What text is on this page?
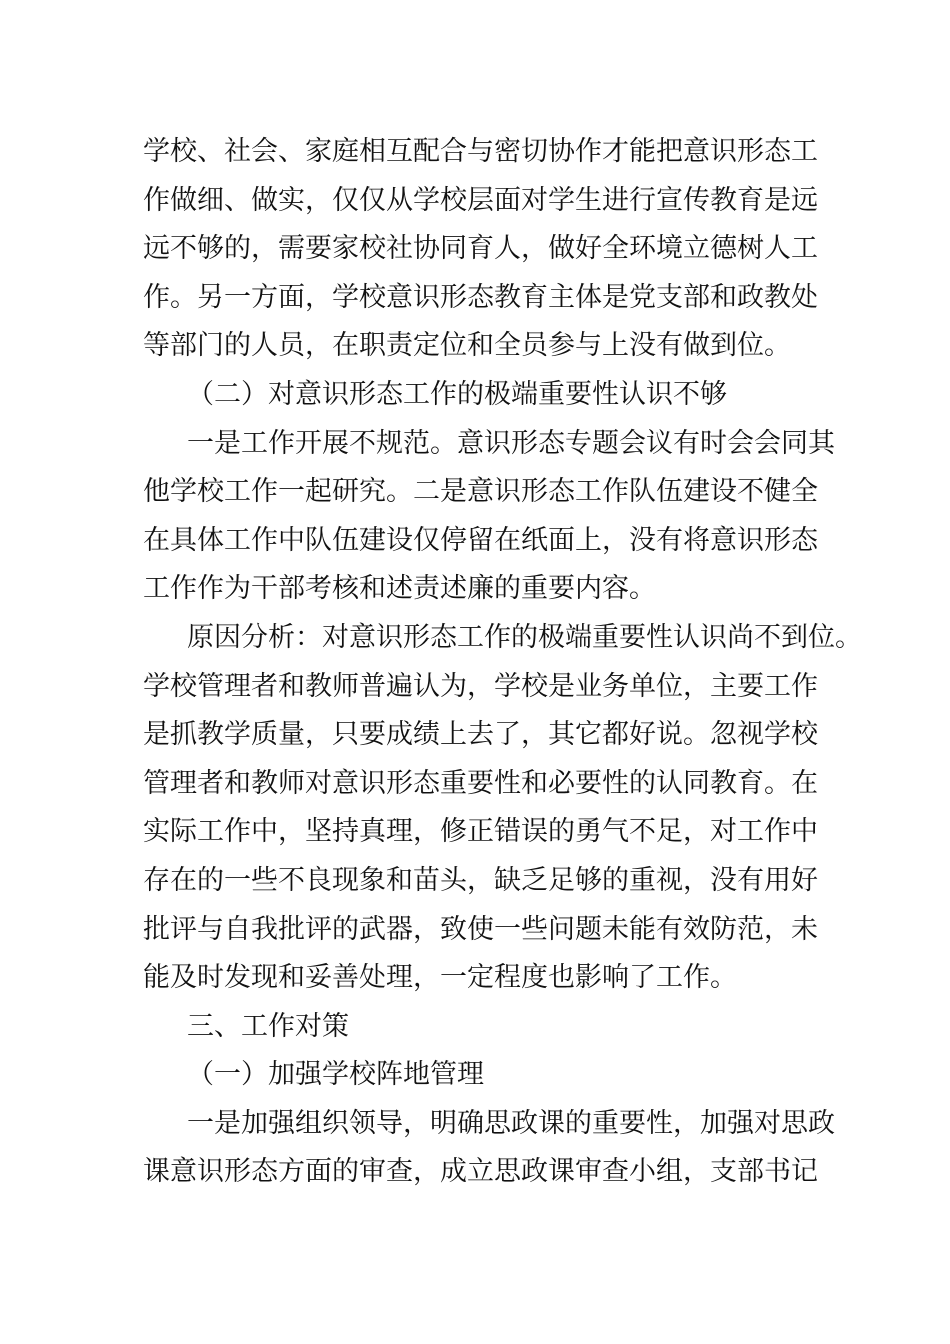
学校、社会、家庭相互配合与密切协作才能把意识形态工
作做细、做实，仅仅从学校层面对学生进行宣传教育是远
远不够的，需要家校社协同育人，做好全环境立德树人工
作。另一方面，学校意识形态教育主体是党支部和政教处
等部门的人员，在职责定位和全员参与上没有做到位。
（二）对意识形态工作的极端重要性认识不够
一是工作开展不规范。意识形态专题会议有时会会同其
他学校工作一起研究。二是意识形态工作队伍建设不健全
在具体工作中队伍建设仅停留在纸面上，没有将意识形态
工作作为干部考核和述责述廉的重要内容。
原因分析：对意识形态工作的极端重要性认识尚不到位。
学校管理者和教师普遍认为，学校是业务单位，主要工作
是抓教学质量，只要成绩上去了，其它都好说。忽视学校
管理者和教师对意识形态重要性和必要性的认同教育。在
实际工作中，坚持真理，修正错误的勇气不足，对工作中
存在的一些不良现象和苗头，缺乏足够的重视，没有用好
批评与自我批评的武器，致使一些问题未能有效防范，未
能及时发现和妥善处理，一定程度也影响了工作。
三、工作对策
（一）加强学校阵地管理
一是加强组织领导，明确思政课的重要性，加强对思政
课意识形态方面的审查，成立思政课审查小组，支部书记
